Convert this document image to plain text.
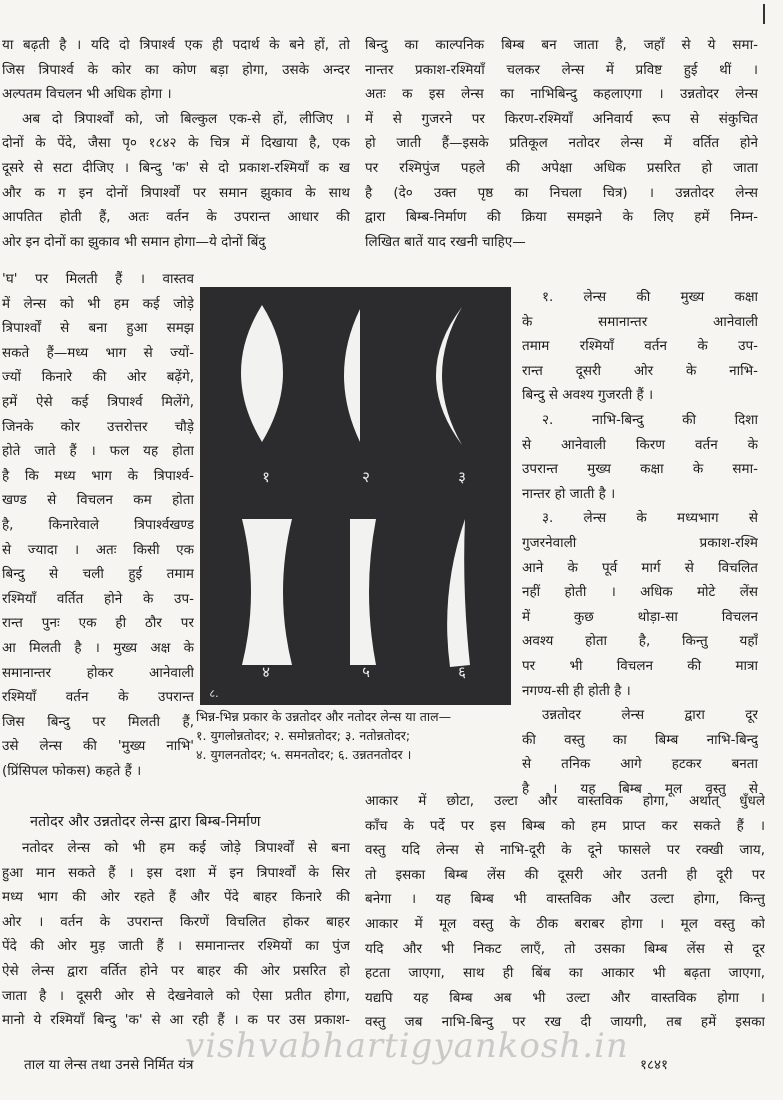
या बढ़ती है । यदि दो त्रिपार्श्व एक ही पदार्थ के बने हों, तो
जिस त्रिपार्श्व के कोर का कोण बड़ा होगा, उसके अन्दर
अल्पतम विचलन भी अधिक होगा ।
अब दो त्रिपार्श्वों को, जो बिल्कुल एक-से हों, लीजिए ।
दोनों के पेंदे, जैसा पृ० १८४२ के चित्र में दिखाया है, एक
दूसरे से सटा दीजिए । बिन्दु 'क' से दो प्रकाश-रश्मियाँ क ख
और क ग इन दोनों त्रिपार्श्वों पर समान झुकाव के साथ
आपतित होती हैं, अतः वर्तन के उपरान्त आधार की
ओर इन दोनों का झुकाव भी समान होगा—ये दोनों बिंदु
'घ' पर मिलती हैं । वास्तव
में लेन्स को भी हम कई जोड़े
त्रिपार्श्वों से बना हुआ समझ
सकते हैं—मध्य भाग से ज्यों-
ज्यों किनारे की ओर बढ़ेंगे,
हमें ऐसे कई त्रिपार्श्व मिलेंगे,
जिनके कोर उत्तरोत्तर चौड़े
होते जाते हैं । फल यह होता
है कि मध्य भाग के त्रिपार्श्व-
खण्ड से विचलन कम होता
है, किनारेवाले त्रिपार्श्वखण्ड
से ज्यादा । अतः किसी एक
बिन्दु से चली हुई तमाम
रश्मियाँ वर्तित होने के उप-
रान्त पुनः एक ही ठौर पर
आ मिलती है । मुख्य अक्ष के
समानान्तर होकर आनेवाली
रश्मियाँ वर्तन के उपरान्त
जिस बिन्दु पर मिलती हैं,
उसे लेन्स की 'मुख्य नाभि'
(प्रिंसिपल फोकस) कहते हैं ।
१	२	३
४	५	६
८.
भिन्न-भिन्न प्रकार के उन्नतोदर और नतोदर लेन्स या ताल—
१. युगलोन्नतोदर; २. समोन्नतोदर; ३. नतोन्नतोदर;
४. युगलनतोदर; ५. समनतोदर; ६. उन्नतनतोदर ।
बिन्दु का काल्पनिक बिम्ब बन जाता है, जहाँ से ये समा-
नान्तर प्रकाश-रश्मियाँ चलकर लेन्स में प्रविष्ट हुई थीं ।
अतः क इस लेन्स का नाभिबिन्दु कहलाएगा । उन्नतोदर लेन्स
में से गुजरने पर किरण-रश्मियाँ अनिवार्य रूप से संकुचित
हो जाती हैं—इसके प्रतिकूल नतोदर लेन्स में वर्तित होने
पर रश्मिपुंज पहले की अपेक्षा अधिक प्रसरित हो जाता
है (दे० उक्त पृष्ठ का निचला चित्र) । उन्नतोदर लेन्स
द्वारा बिम्ब-निर्माण की क्रिया समझने के लिए हमें निम्न-
लिखित बातें याद रखनी चाहिए—
१. लेन्स की मुख्य कक्षा
के समानान्तर आनेवाली
तमाम रश्मियाँ वर्तन के उप-
रान्त दूसरी ओर के नाभि-
बिन्दु से अवश्य गुजरती हैं ।
२. नाभि-बिन्दु की दिशा
से आनेवाली किरण वर्तन के
उपरान्त मुख्य कक्षा के समा-
नान्तर हो जाती है ।
३. लेन्स के मध्यभाग से
गुजरनेवाली प्रकाश-रश्मि
आने के पूर्व मार्ग से विचलित
नहीं होती । अधिक मोटे लेंस
में कुछ थोड़ा-सा विचलन
अवश्य होता है, किन्तु यहाँ
पर भी विचलन की मात्रा
नगण्य-सी ही होती है ।
उन्नतोदर लेन्स द्वारा दूर
की वस्तु का बिम्ब नाभि-बिन्दु
से तनिक आगे हटकर बनता
है । यह बिम्ब मूल वस्तु से
नतोदर और उन्नतोदर लेन्स द्वारा बिम्ब-निर्माण
नतोदर लेन्स को भी हम कई जोड़े त्रिपार्श्वों से बना
हुआ मान सकते हैं । इस दशा में इन त्रिपार्श्वों के सिर
मध्य भाग की ओर रहते हैं और पेंदे बाहर किनारे की
ओर । वर्तन के उपरान्त किरणें विचलित होकर बाहर
पेंदे की ओर मुड़ जाती हैं । समानान्तर रश्मियों का पुंज
ऐसे लेन्स द्वारा वर्तित होने पर बाहर की ओर प्रसरित हो
जाता है । दूसरी ओर से देखनेवाले को ऐसा प्रतीत होगा,
मानो ये रश्मियाँ बिन्दु 'क' से आ रही हैं । क पर उस प्रकाश-
आकार में छोटा, उल्टा और वास्तविक होगा, अर्थात् धुँधले
काँच के पर्दे पर इस बिम्ब को हम प्राप्त कर सकते हैं ।
वस्तु यदि लेन्स से नाभि-दूरी के दूने फासले पर रक्खी जाय,
तो इसका बिम्ब लेंस की दूसरी ओर उतनी ही दूरी पर
बनेगा । यह बिम्ब भी वास्तविक और उल्टा होगा, किन्तु
आकार में मूल वस्तु के ठीक बराबर होगा । मूल वस्तु को
यदि और भी निकट लाएँ, तो उसका बिम्ब लेंस से दूर
हटता जाएगा, साथ ही बिंब का आकार भी बढ़ता जाएगा,
यद्यपि यह बिम्ब अब भी उल्टा और वास्तविक होगा ।
वस्तु जब नाभि-बिन्दु पर रख दी जायगी, तब हमें इसका
vishvabhartigyankosh.in
ताल या लेन्स तथा उनसे निर्मित यंत्र	१८४१
